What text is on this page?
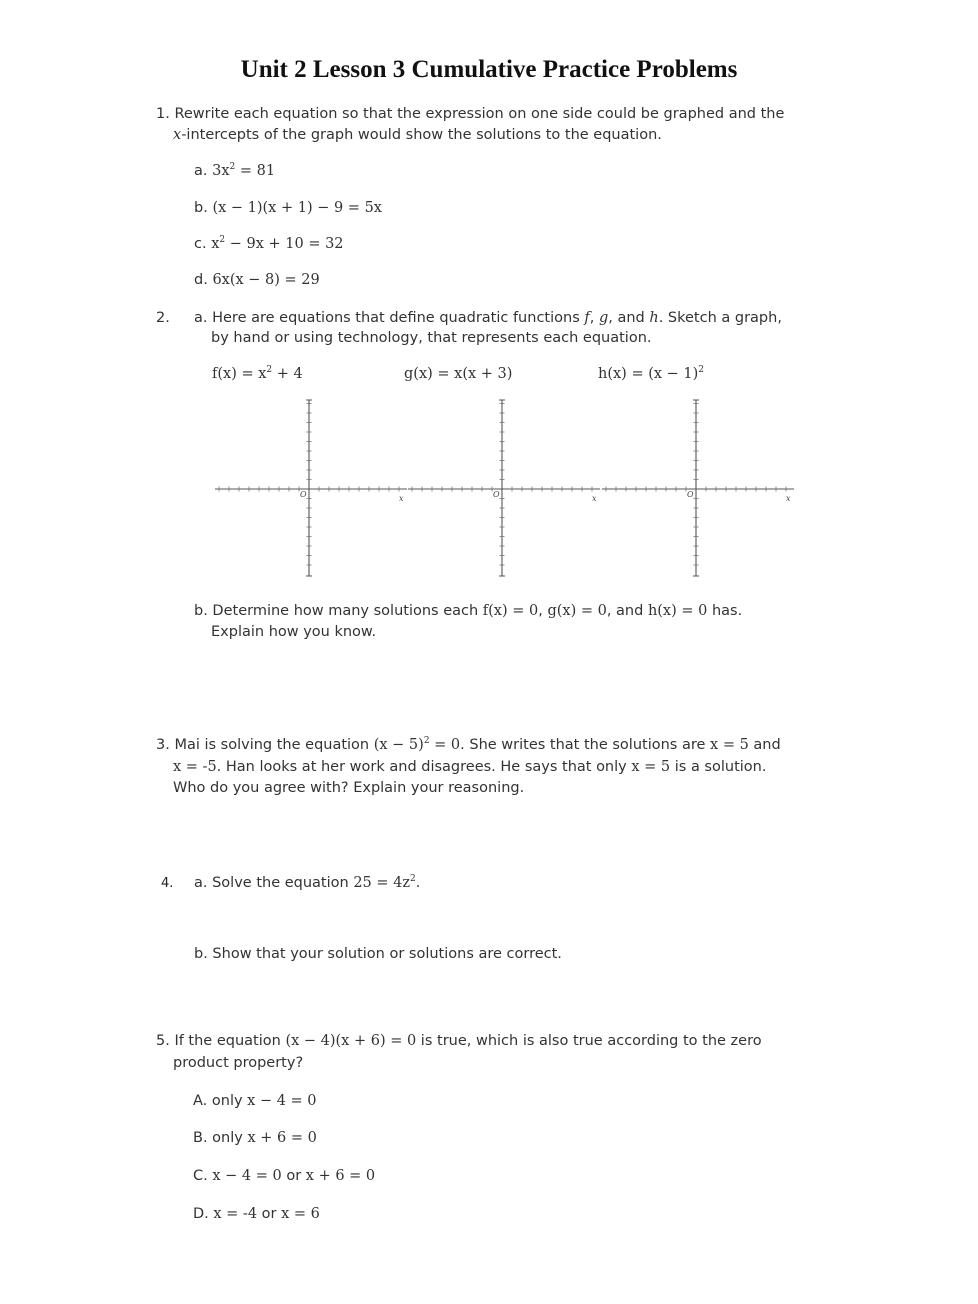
Unit 2 Lesson 3 Cumulative Practice Problems
1. Rewrite each equation so that the expression on one side could be graphed and the
x-intercepts of the graph would show the solutions to the equation.
a. $3x^2 = 81$
b. (x − 1)(x + 1) − 9 = 5x
c. $x^2 - 9x + 10 = 32$
d. 6x(x − 8) = 29
2. a. Here are equations that define quadratic functions f, g, and h. Sketch a graph,
by hand or using technology, that represents each equation.
$f(x) = x^2 + 4$	g(x) = x(x + 3)	$h(x) = (x - 1)^2$
O	x	O	x	O	x
b. Determine how many solutions each f(x) = 0, g(x) = 0, and h(x) = 0 has.
Explain how you know.
3. Mai is solving the equation $(x - 5)^2 = 0$. She writes that the solutions are x = 5 and
x = -5. Han looks at her work and disagrees. He says that only x = 5 is a solution.
Who do you agree with? Explain your reasoning.
4. a. Solve the equation $25 = 4z^2$.
b. Show that your solution or solutions are correct.
5. If the equation (x − 4)(x + 6) = 0 is true, which is also true according to the zero
product property?
A. only x − 4 = 0
B. only x + 6 = 0
C. x − 4 = 0 or x + 6 = 0
D. x = -4 or x = 6
